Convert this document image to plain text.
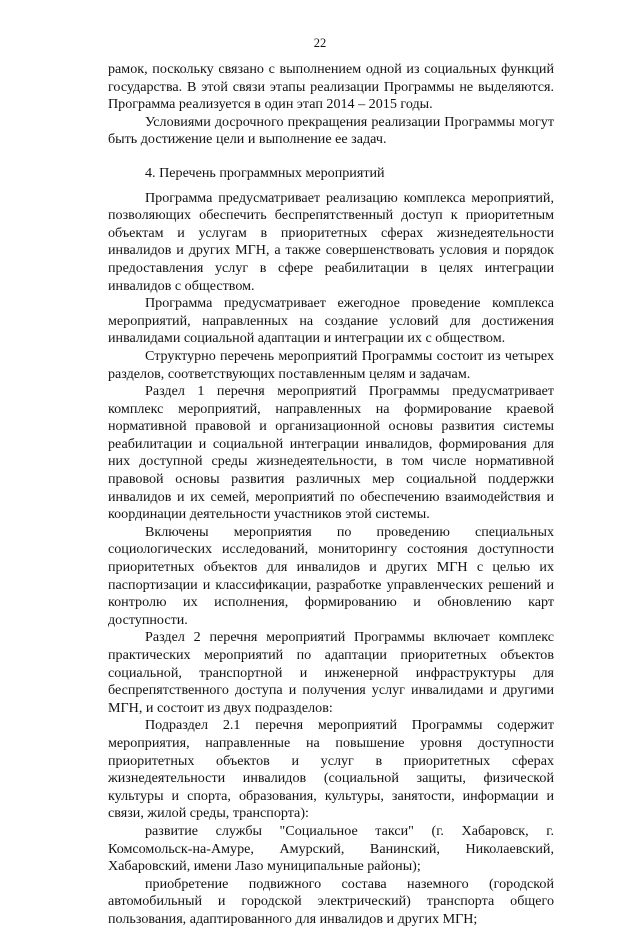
22

рамок, поскольку связано с выполнением одной из социальных функций государства. В этой связи этапы реализации Программы не выделяются. Программа реализуется в один этап 2014 – 2015 годы.

Условиями досрочного прекращения реализации Программы могут быть достижение цели и выполнение ее задач.

4. Перечень программных мероприятий

Программа предусматривает реализацию комплекса мероприятий, позволяющих обеспечить беспрепятственный доступ к приоритетным объектам и услугам в приоритетных сферах жизнедеятельности инвалидов и других МГН, а также совершенствовать условия и порядок предоставления услуг в сфере реабилитации в целях интеграции инвалидов с обществом.

Программа предусматривает ежегодное проведение комплекса мероприятий, направленных на создание условий для достижения инвалидами социальной адаптации и интеграции их с обществом.

Структурно перечень мероприятий Программы состоит из четырех разделов, соответствующих поставленным целям и задачам.

Раздел 1 перечня мероприятий Программы предусматривает комплекс мероприятий, направленных на формирование краевой нормативной правовой и организационной основы развития системы реабилитации и социальной интеграции инвалидов, формирования для них доступной среды жизнедеятельности, в том числе нормативной правовой основы развития различных мер социальной поддержки инвалидов и их семей, мероприятий по обеспечению взаимодействия и координации деятельности участников этой системы.

Включены мероприятия по проведению специальных социологических исследований, мониторингу состояния доступности приоритетных объектов для инвалидов и других МГН с целью их паспортизации и классификации, разработке управленческих решений и контролю их исполнения, формированию и обновлению карт доступности.

Раздел 2 перечня мероприятий Программы включает комплекс практических мероприятий по адаптации приоритетных объектов социальной, транспортной и инженерной инфраструктуры для беспрепятственного доступа и получения услуг инвалидами и другими МГН, и состоит из двух подразделов:

Подраздел 2.1 перечня мероприятий Программы содержит мероприятия, направленные на повышение уровня доступности приоритетных объектов и услуг в приоритетных сферах жизнедеятельности инвалидов (социальной защиты, физической культуры и спорта, образования, культуры, занятости, информации и связи, жилой среды, транспорта):

развитие службы "Социальное такси" (г. Хабаровск, г. Комсомольск-на-Амуре, Амурский, Ванинский, Николаевский, Хабаровский, имени Лазо муниципальные районы);

приобретение подвижного состава наземного (городской автомобильный и городской электрический) транспорта общего пользования, адаптированного для инвалидов и других МГН;
